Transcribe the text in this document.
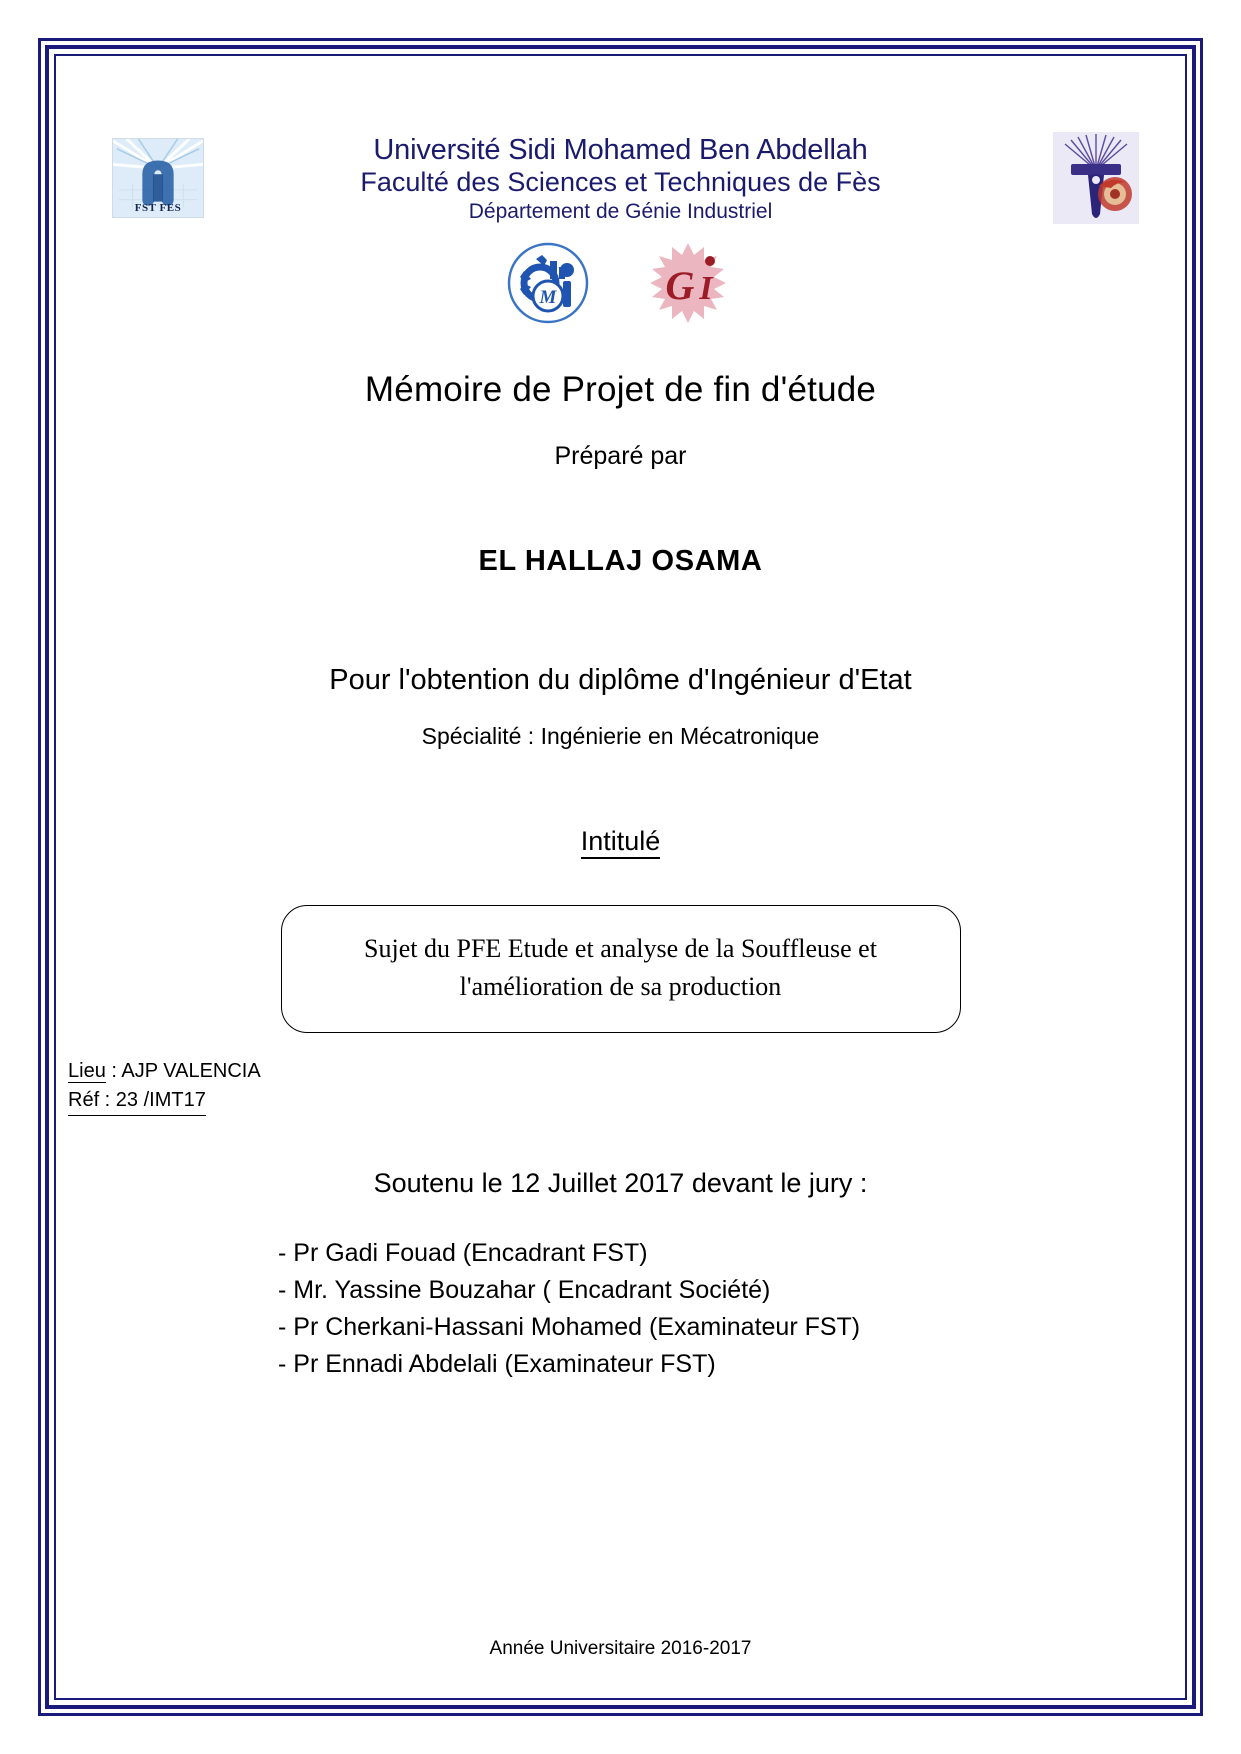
FST FES
Université Sidi Mohamed Ben Abdellah
Faculté des Sciences et Techniques de Fès
Département de Génie Industriel
M	G I
Mémoire de Projet de fin d'étude
Préparé par
EL HALLAJ OSAMA
Pour l'obtention du diplôme d'Ingénieur d'Etat
Spécialité : Ingénierie en Mécatronique
Intitulé
Sujet du PFE Etude et analyse de la Souffleuse et
l'amélioration de sa production
Lieu : AJP VALENCIA
Réf : 23 /IMT17
Soutenu le 12 Juillet 2017 devant le jury :
- Pr Gadi Fouad (Encadrant FST)
- Mr. Yassine Bouzahar ( Encadrant Société)
- Pr Cherkani-Hassani Mohamed (Examinateur FST)
- Pr Ennadi Abdelali (Examinateur FST)
Année Universitaire 2016-2017
